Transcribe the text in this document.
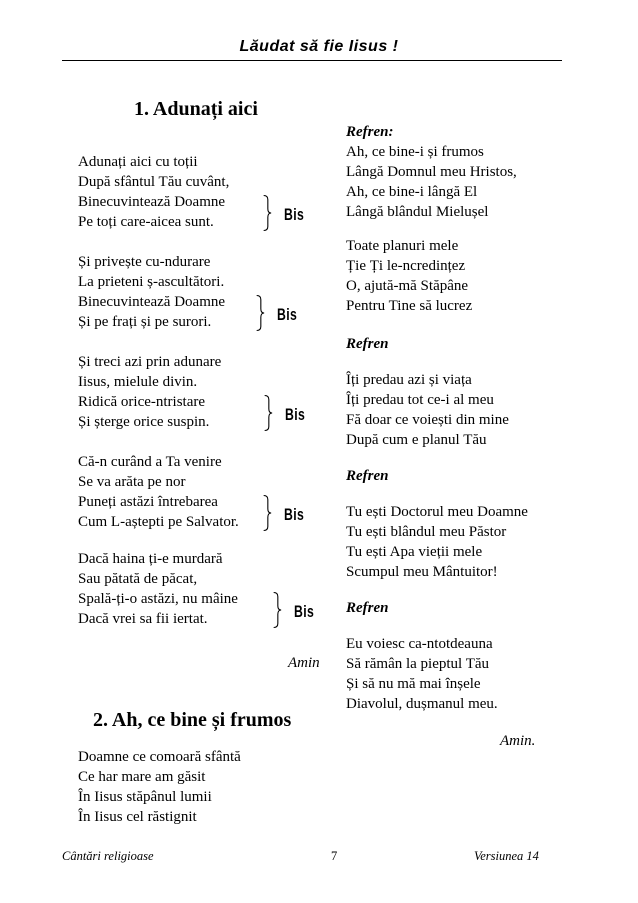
Lăudat să fie Iisus !
1. Adunați aici
Adunați aici cu toții
După sfântul Tău cuvânt,
Binecuvintează Doamne
Pe toți care-aicea sunt.	Bis
Și privește cu-ndurare
La prieteni ș-ascultători.
Binecuvintează Doamne
Și pe frați și pe surori.	Bis
Și treci azi prin adunare
Iisus, mielule divin.
Ridică orice-ntristare
Și șterge orice suspin.	Bis
Că-n curând a Ta venire
Se va arăta pe nor
Puneți astăzi întrebarea
Cum L-aștepti pe Salvator.	Bis
Dacă haina ți-e murdară
Sau pătată de păcat,
Spală-ți-o astăzi, nu mâine
Dacă vrei sa fii iertat.	Bis
Amin
2. Ah, ce bine și frumos
Doamne ce comoară sfântă
Ce har mare am găsit
În Iisus stăpânul lumii
În Iisus cel răstignit
Refren:
Ah, ce bine-i și frumos
Lângă Domnul meu Hristos,
Ah, ce bine-i lângă El
Lângă blândul Mielușel
Toate planuri mele
Ție Ți le-ncredințez
O, ajută-mă Stăpâne
Pentru Tine să lucrez
Îți predau azi și viața
Îți predau tot ce-i al meu
Fă doar ce voiești din mine
După cum e planul Tău
Tu ești Doctorul meu Doamne
Tu ești blândul meu Păstor
Tu ești Apa vieții mele
Scumpul meu Mântuitor!
Eu voiesc ca-ntotdeauna
Să rămân la pieptul Tău
Și să nu mă mai înșele
Diavolul, dușmanul meu.
Refren
Refren
Refren
Amin.
Cântări religioase	7	Versiunea 14
